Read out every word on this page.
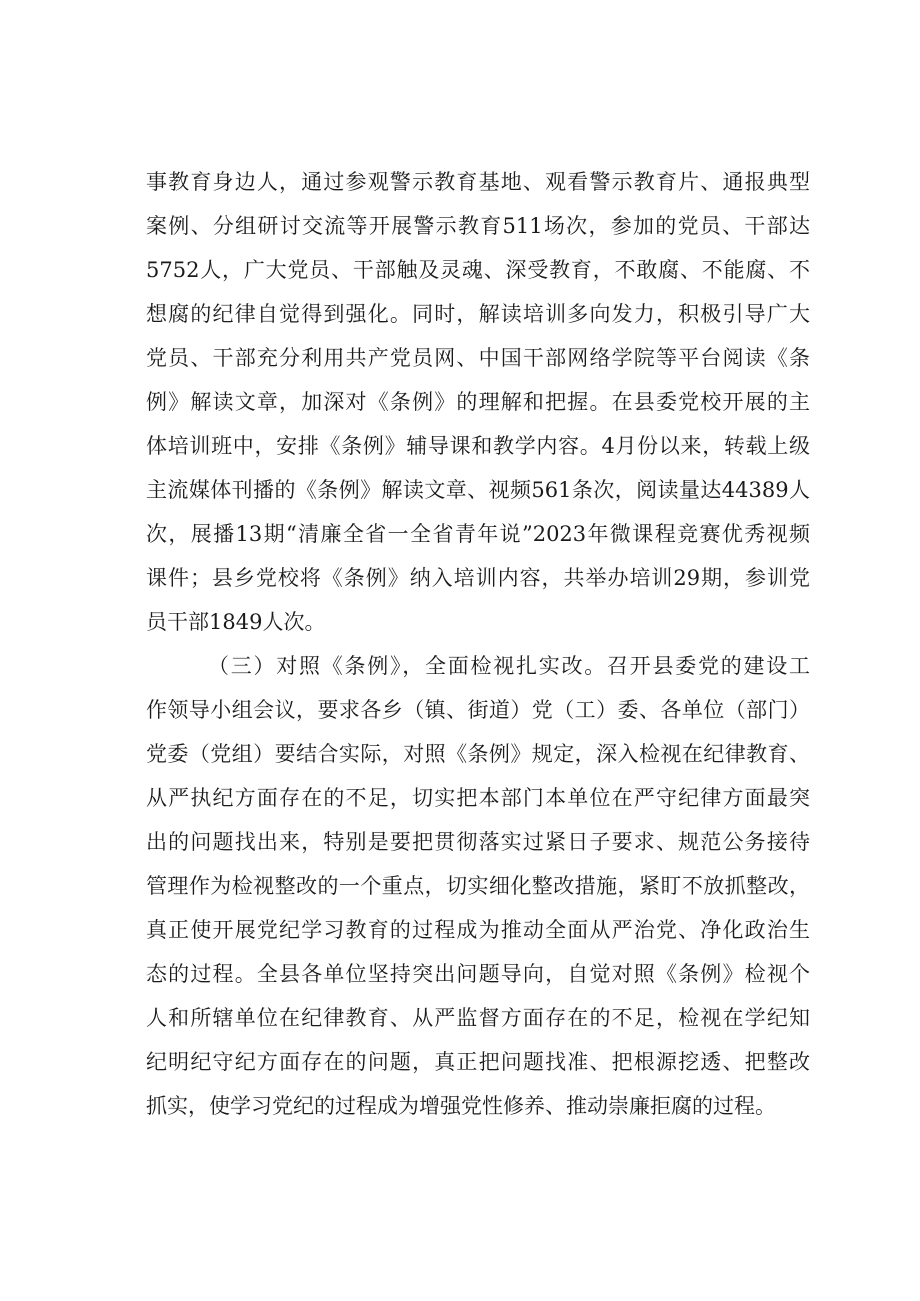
事教育身边人，通过参观警示教育基地、观看警示教育片、通报典型
案例、分组研讨交流等开展警示教育511场次，参加的党员、干部达
5752人，广大党员、干部触及灵魂、深受教育，不敢腐、不能腐、不
想腐的纪律自觉得到强化。同时，解读培训多向发力，积极引导广大
党员、干部充分利用共产党员网、中国干部网络学院等平台阅读《条
例》解读文章，加深对《条例》的理解和把握。在县委党校开展的主
体培训班中，安排《条例》辅导课和教学内容。4月份以来，转载上级
主流媒体刊播的《条例》解读文章、视频561条次，阅读量达44389人
次，展播13期“清廉全省一全省青年说”2023年微课程竞赛优秀视频
课件；县乡党校将《条例》纳入培训内容，共举办培训29期，参训党
员干部1849人次。
（三）对照《条例》，全面检视扎实改。召开县委党的建设工
作领导小组会议，要求各乡（镇、街道）党（工）委、各单位（部门）
党委（党组）要结合实际，对照《条例》规定，深入检视在纪律教育、
从严执纪方面存在的不足，切实把本部门本单位在严守纪律方面最突
出的问题找出来，特别是要把贯彻落实过紧日子要求、规范公务接待
管理作为检视整改的一个重点，切实细化整改措施，紧盯不放抓整改，
真正使开展党纪学习教育的过程成为推动全面从严治党、净化政治生
态的过程。全县各单位坚持突出问题导向，自觉对照《条例》检视个
人和所辖单位在纪律教育、从严监督方面存在的不足，检视在学纪知
纪明纪守纪方面存在的问题，真正把问题找准、把根源挖透、把整改
抓实，使学习党纪的过程成为增强党性修养、推动崇廉拒腐的过程。
